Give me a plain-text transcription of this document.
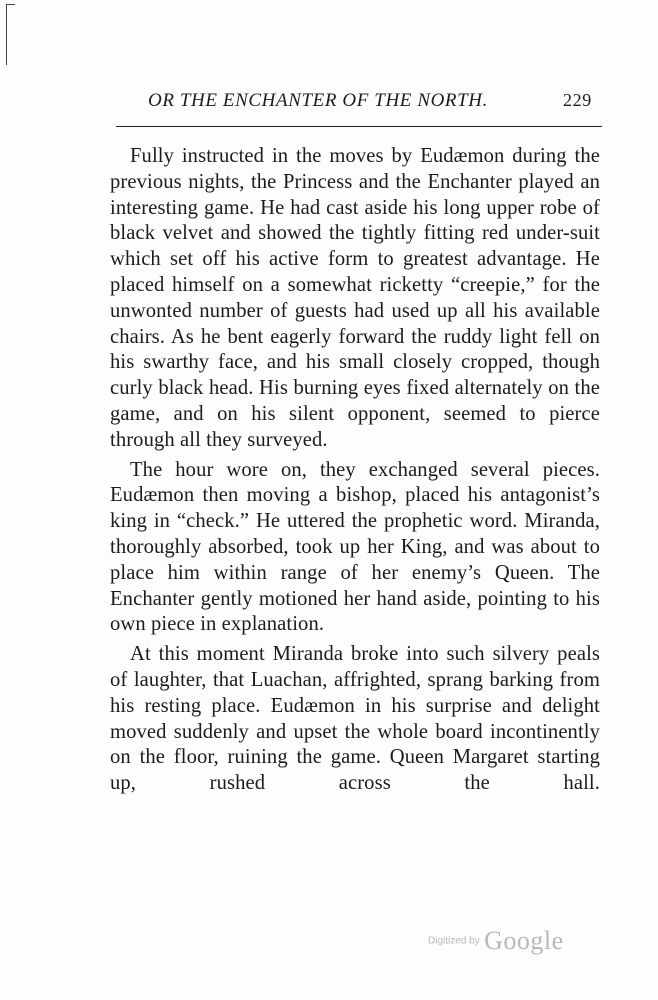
OR THE ENCHANTER OF THE NORTH.	229

Fully instructed in the moves by Eudæmon during the previous nights, the Princess and the Enchanter played an interesting game. He had cast aside his long upper robe of black velvet and showed the tightly fitting red under-suit which set off his active form to greatest advantage. He placed himself on a somewhat ricketty “creepie,” for the unwonted number of guests had used up all his available chairs. As he bent eagerly forward the ruddy light fell on his swarthy face, and his small closely cropped, though curly black head. His burning eyes fixed alternately on the game, and on his silent opponent, seemed to pierce through all they surveyed.

The hour wore on, they exchanged several pieces. Eudæmon then moving a bishop, placed his antagonist’s king in “check.” He uttered the prophetic word. Miranda, thoroughly absorbed, took up her King, and was about to place him within range of her enemy’s Queen. The Enchanter gently motioned her hand aside, pointing to his own piece in explanation.

At this moment Miranda broke into such silvery peals of laughter, that Luachan, affrighted, sprang barking from his resting place. Eudæmon in his surprise and delight moved suddenly and upset the whole board incontinently on the floor, ruining the game. Queen Margaret starting up, rushed across the hall.

Digitized by Google
